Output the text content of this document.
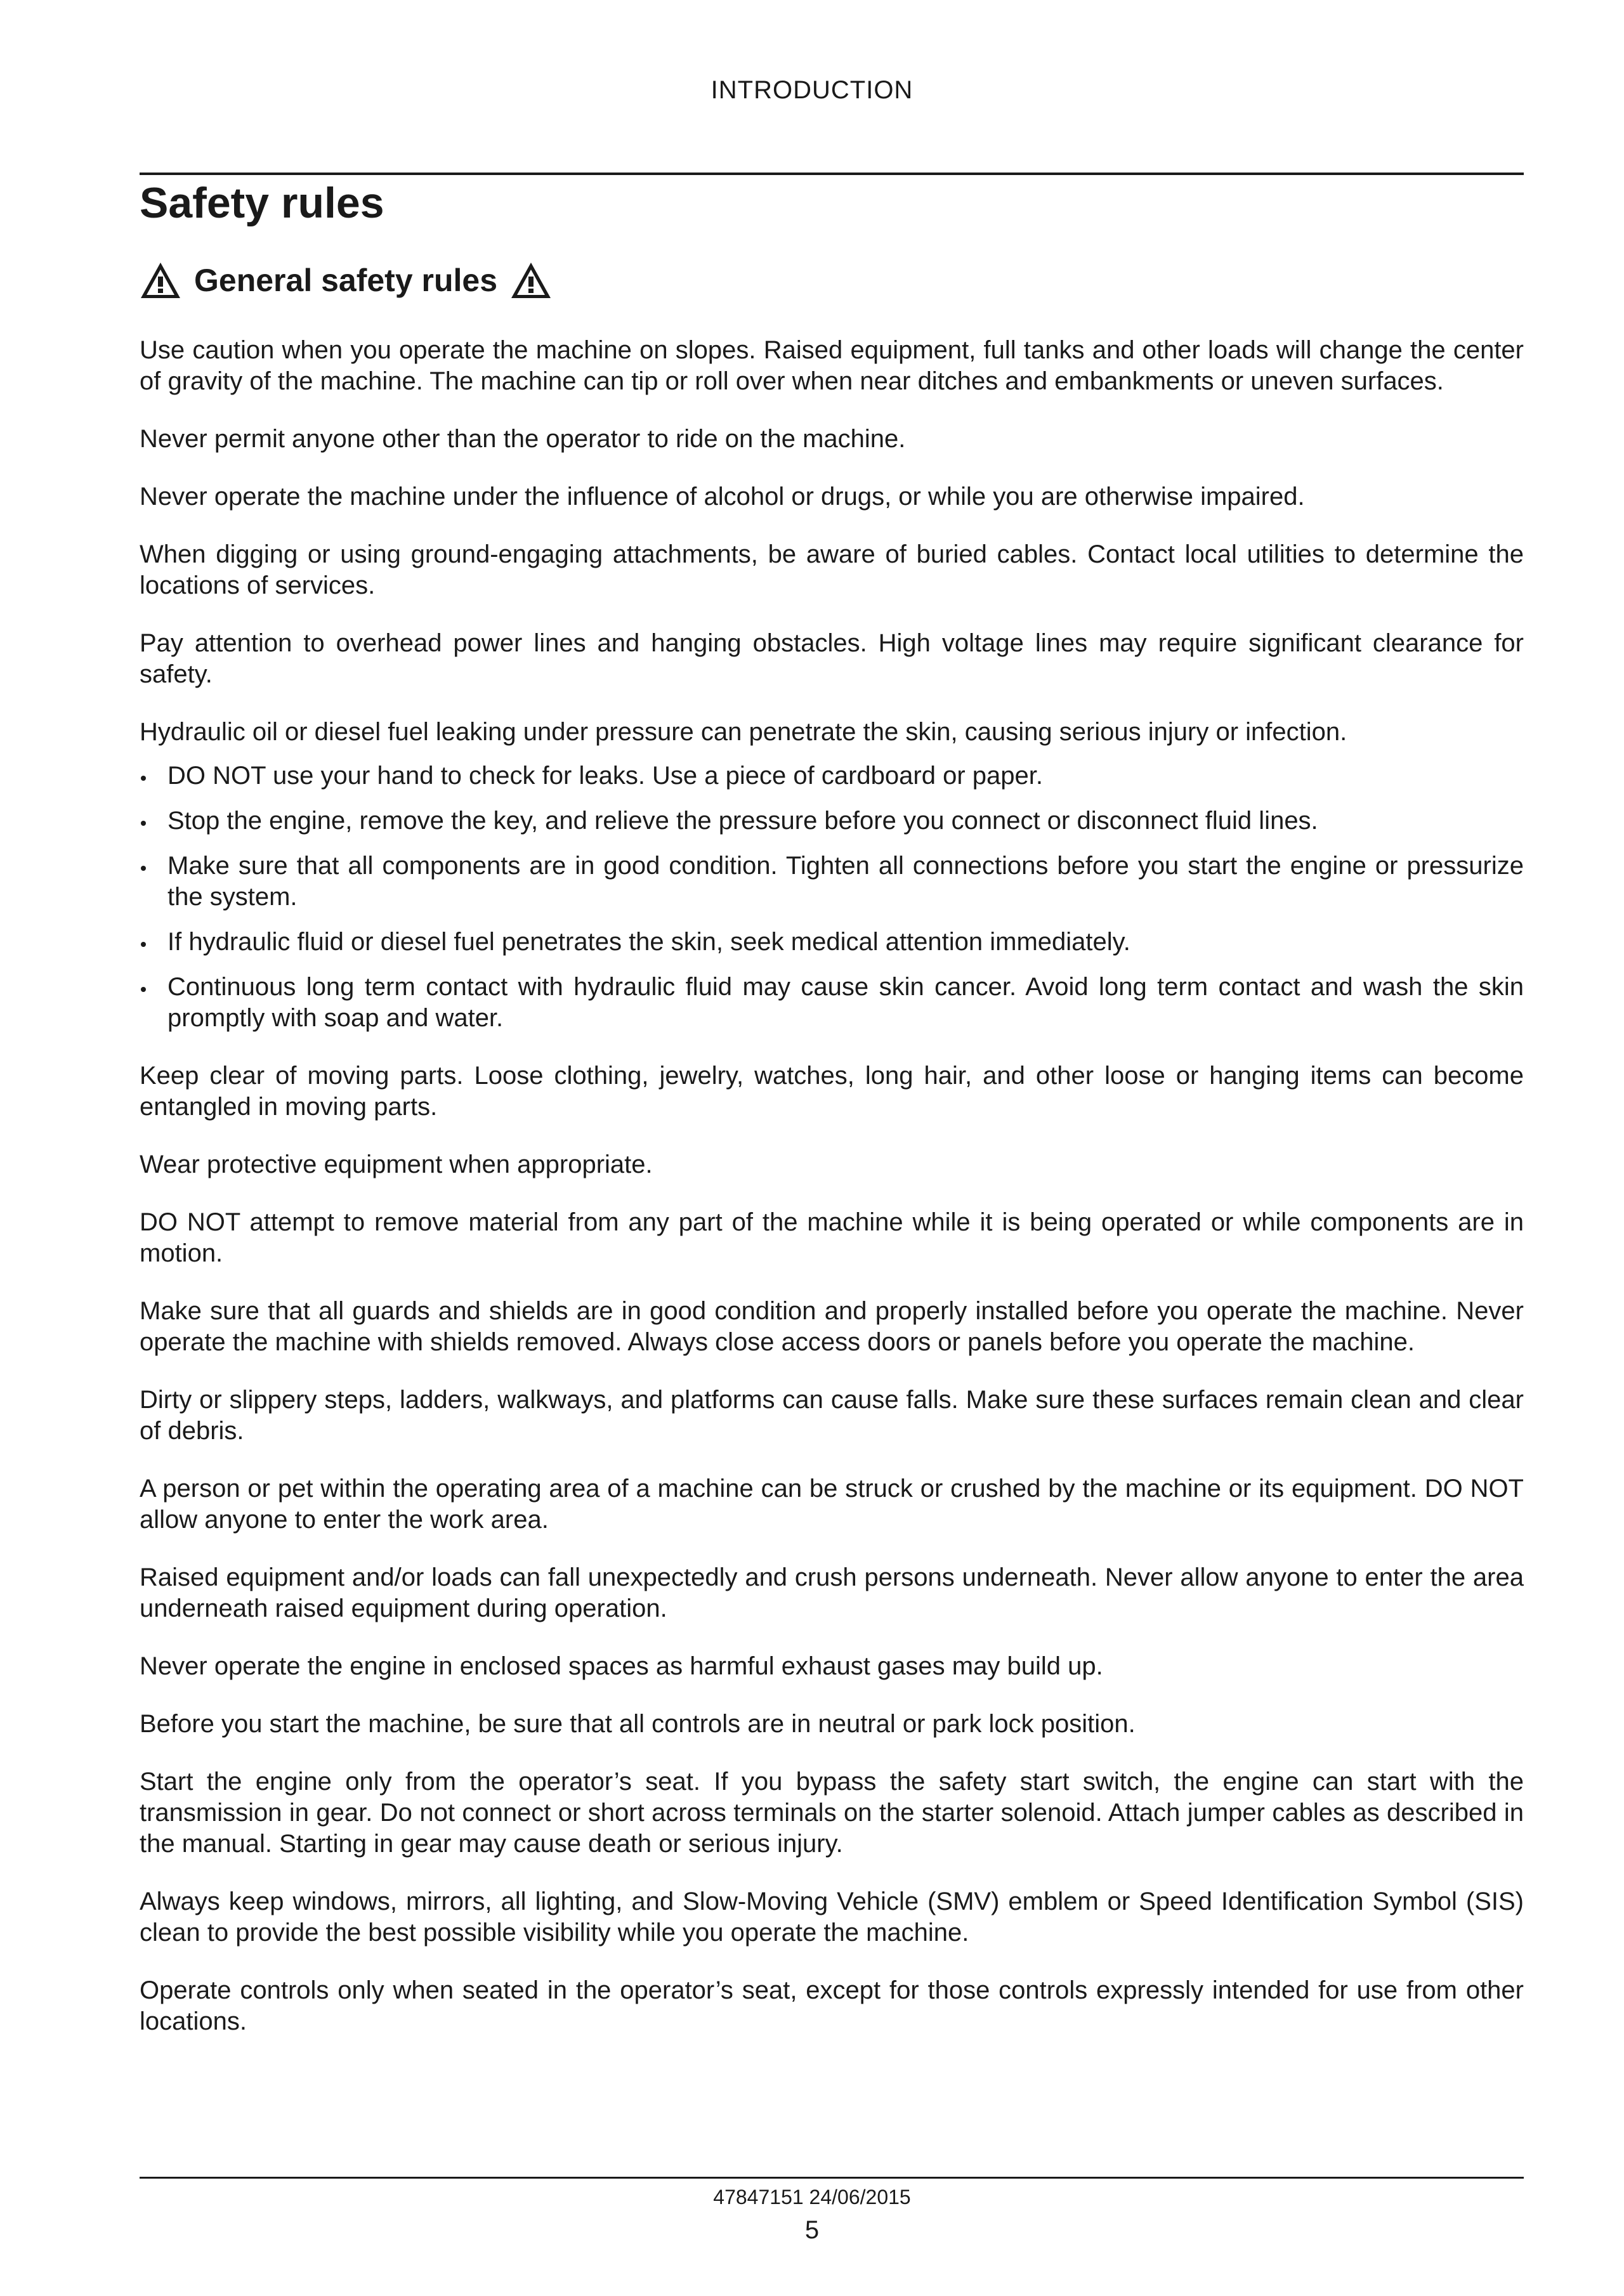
INTRODUCTION
Safety rules
General safety rules

Use caution when you operate the machine on slopes. Raised equipment, full tanks and other loads will change the center of gravity of the machine. The machine can tip or roll over when near ditches and embankments or uneven surfaces.

Never permit anyone other than the operator to ride on the machine.

Never operate the machine under the influence of alcohol or drugs, or while you are otherwise impaired.

When digging or using ground-engaging attachments, be aware of buried cables. Contact local utilities to determine the locations of services.

Pay attention to overhead power lines and hanging obstacles. High voltage lines may require significant clearance for safety.

Hydraulic oil or diesel fuel leaking under pressure can penetrate the skin, causing serious injury or infection.

DO NOT use your hand to check for leaks. Use a piece of cardboard or paper.
Stop the engine, remove the key, and relieve the pressure before you connect or disconnect fluid lines.
Make sure that all components are in good condition. Tighten all connections before you start the engine or pressurize the system.
If hydraulic fluid or diesel fuel penetrates the skin, seek medical attention immediately.
Continuous long term contact with hydraulic fluid may cause skin cancer. Avoid long term contact and wash the skin promptly with soap and water.

Keep clear of moving parts. Loose clothing, jewelry, watches, long hair, and other loose or hanging items can become entangled in moving parts.

Wear protective equipment when appropriate.

DO NOT attempt to remove material from any part of the machine while it is being operated or while components are in motion.

Make sure that all guards and shields are in good condition and properly installed before you operate the machine. Never operate the machine with shields removed. Always close access doors or panels before you operate the machine.

Dirty or slippery steps, ladders, walkways, and platforms can cause falls. Make sure these surfaces remain clean and clear of debris.

A person or pet within the operating area of a machine can be struck or crushed by the machine or its equipment. DO NOT allow anyone to enter the work area.

Raised equipment and/or loads can fall unexpectedly and crush persons underneath. Never allow anyone to enter the area underneath raised equipment during operation.

Never operate the engine in enclosed spaces as harmful exhaust gases may build up.

Before you start the machine, be sure that all controls are in neutral or park lock position.

Start the engine only from the operator’s seat. If you bypass the safety start switch, the engine can start with the transmission in gear. Do not connect or short across terminals on the starter solenoid. Attach jumper cables as described in the manual. Starting in gear may cause death or serious injury.

Always keep windows, mirrors, all lighting, and Slow-Moving Vehicle (SMV) emblem or Speed Identification Symbol (SIS) clean to provide the best possible visibility while you operate the machine.

Operate controls only when seated in the operator’s seat, except for those controls expressly intended for use from other locations.

47847151 24/06/2015
5
